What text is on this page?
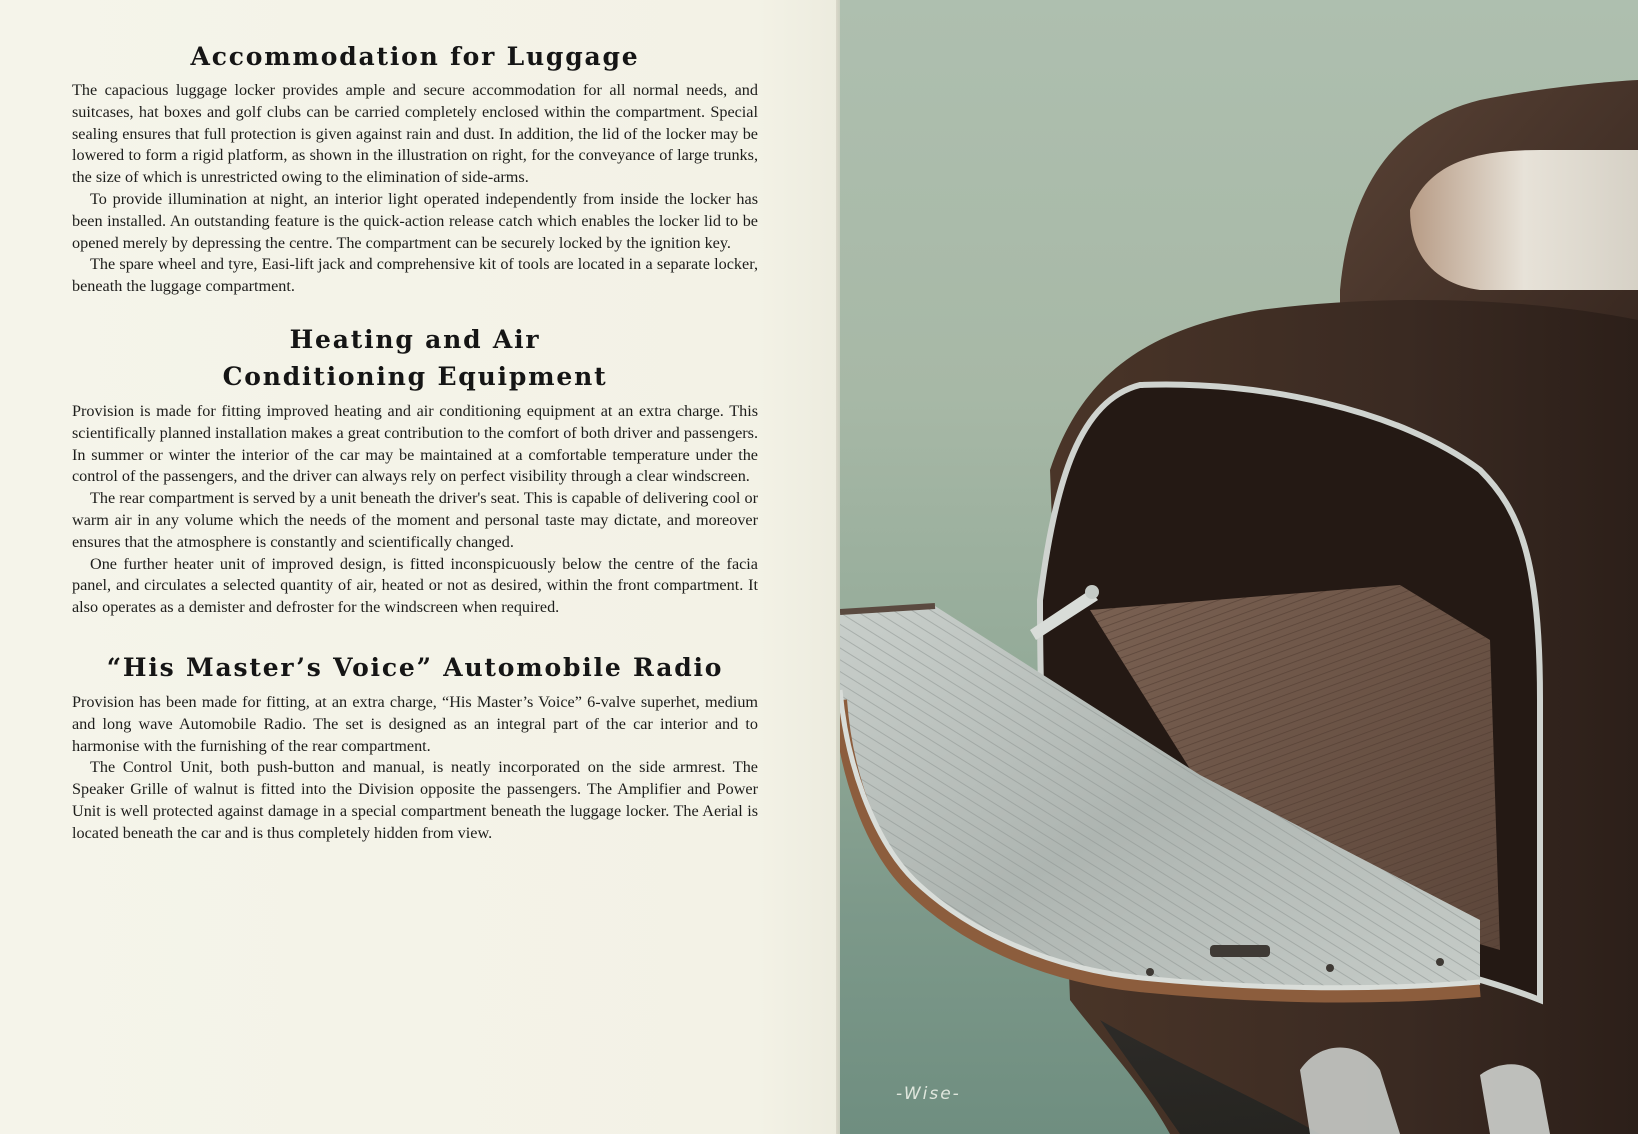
Accommodation for Luggage

The capacious luggage locker provides ample and secure accommodation for all normal needs, and suitcases, hat boxes and golf clubs can be carried completely enclosed within the compartment. Special sealing ensures that full protection is given against rain and dust. In addition, the lid of the locker may be lowered to form a rigid platform, as shown in the illustration on right, for the conveyance of large trunks, the size of which is unrestricted owing to the elimination of side-arms.

To provide illumination at night, an interior light operated independently from inside the locker has been installed. An outstanding feature is the quick-action release catch which enables the locker lid to be opened merely by depressing the centre. The compartment can be securely locked by the ignition key.

The spare wheel and tyre, Easi-lift jack and comprehensive kit of tools are located in a separate locker, beneath the luggage compartment.

Heating and Air
Conditioning Equipment

Provision is made for fitting improved heating and air conditioning equipment at an extra charge. This scientifically planned installation makes a great contribution to the comfort of both driver and passengers. In summer or winter the interior of the car may be maintained at a comfortable temperature under the control of the passengers, and the driver can always rely on perfect visibility through a clear windscreen.

The rear compartment is served by a unit beneath the driver's seat. This is capable of delivering cool or warm air in any volume which the needs of the moment and personal taste may dictate, and moreover ensures that the atmosphere is constantly and scientifically changed.

One further heater unit of improved design, is fitted inconspicuously below the centre of the facia panel, and circulates a selected quantity of air, heated or not as desired, within the front compartment. It also operates as a demister and defroster for the windscreen when required.

“His Master’s Voice” Automobile Radio

Provision has been made for fitting, at an extra charge, “His Master’s Voice” 6-valve superhet, medium and long wave Automobile Radio. The set is designed as an integral part of the car interior and to harmonise with the furnishing of the rear compartment.

The Control Unit, both push-button and manual, is neatly incorporated on the side armrest. The Speaker Grille of walnut is fitted into the Division opposite the passengers. The Amplifier and Power Unit is well protected against damage in a special compartment beneath the luggage locker. The Aerial is located beneath the car and is thus completely hidden from view.

-Wise-
